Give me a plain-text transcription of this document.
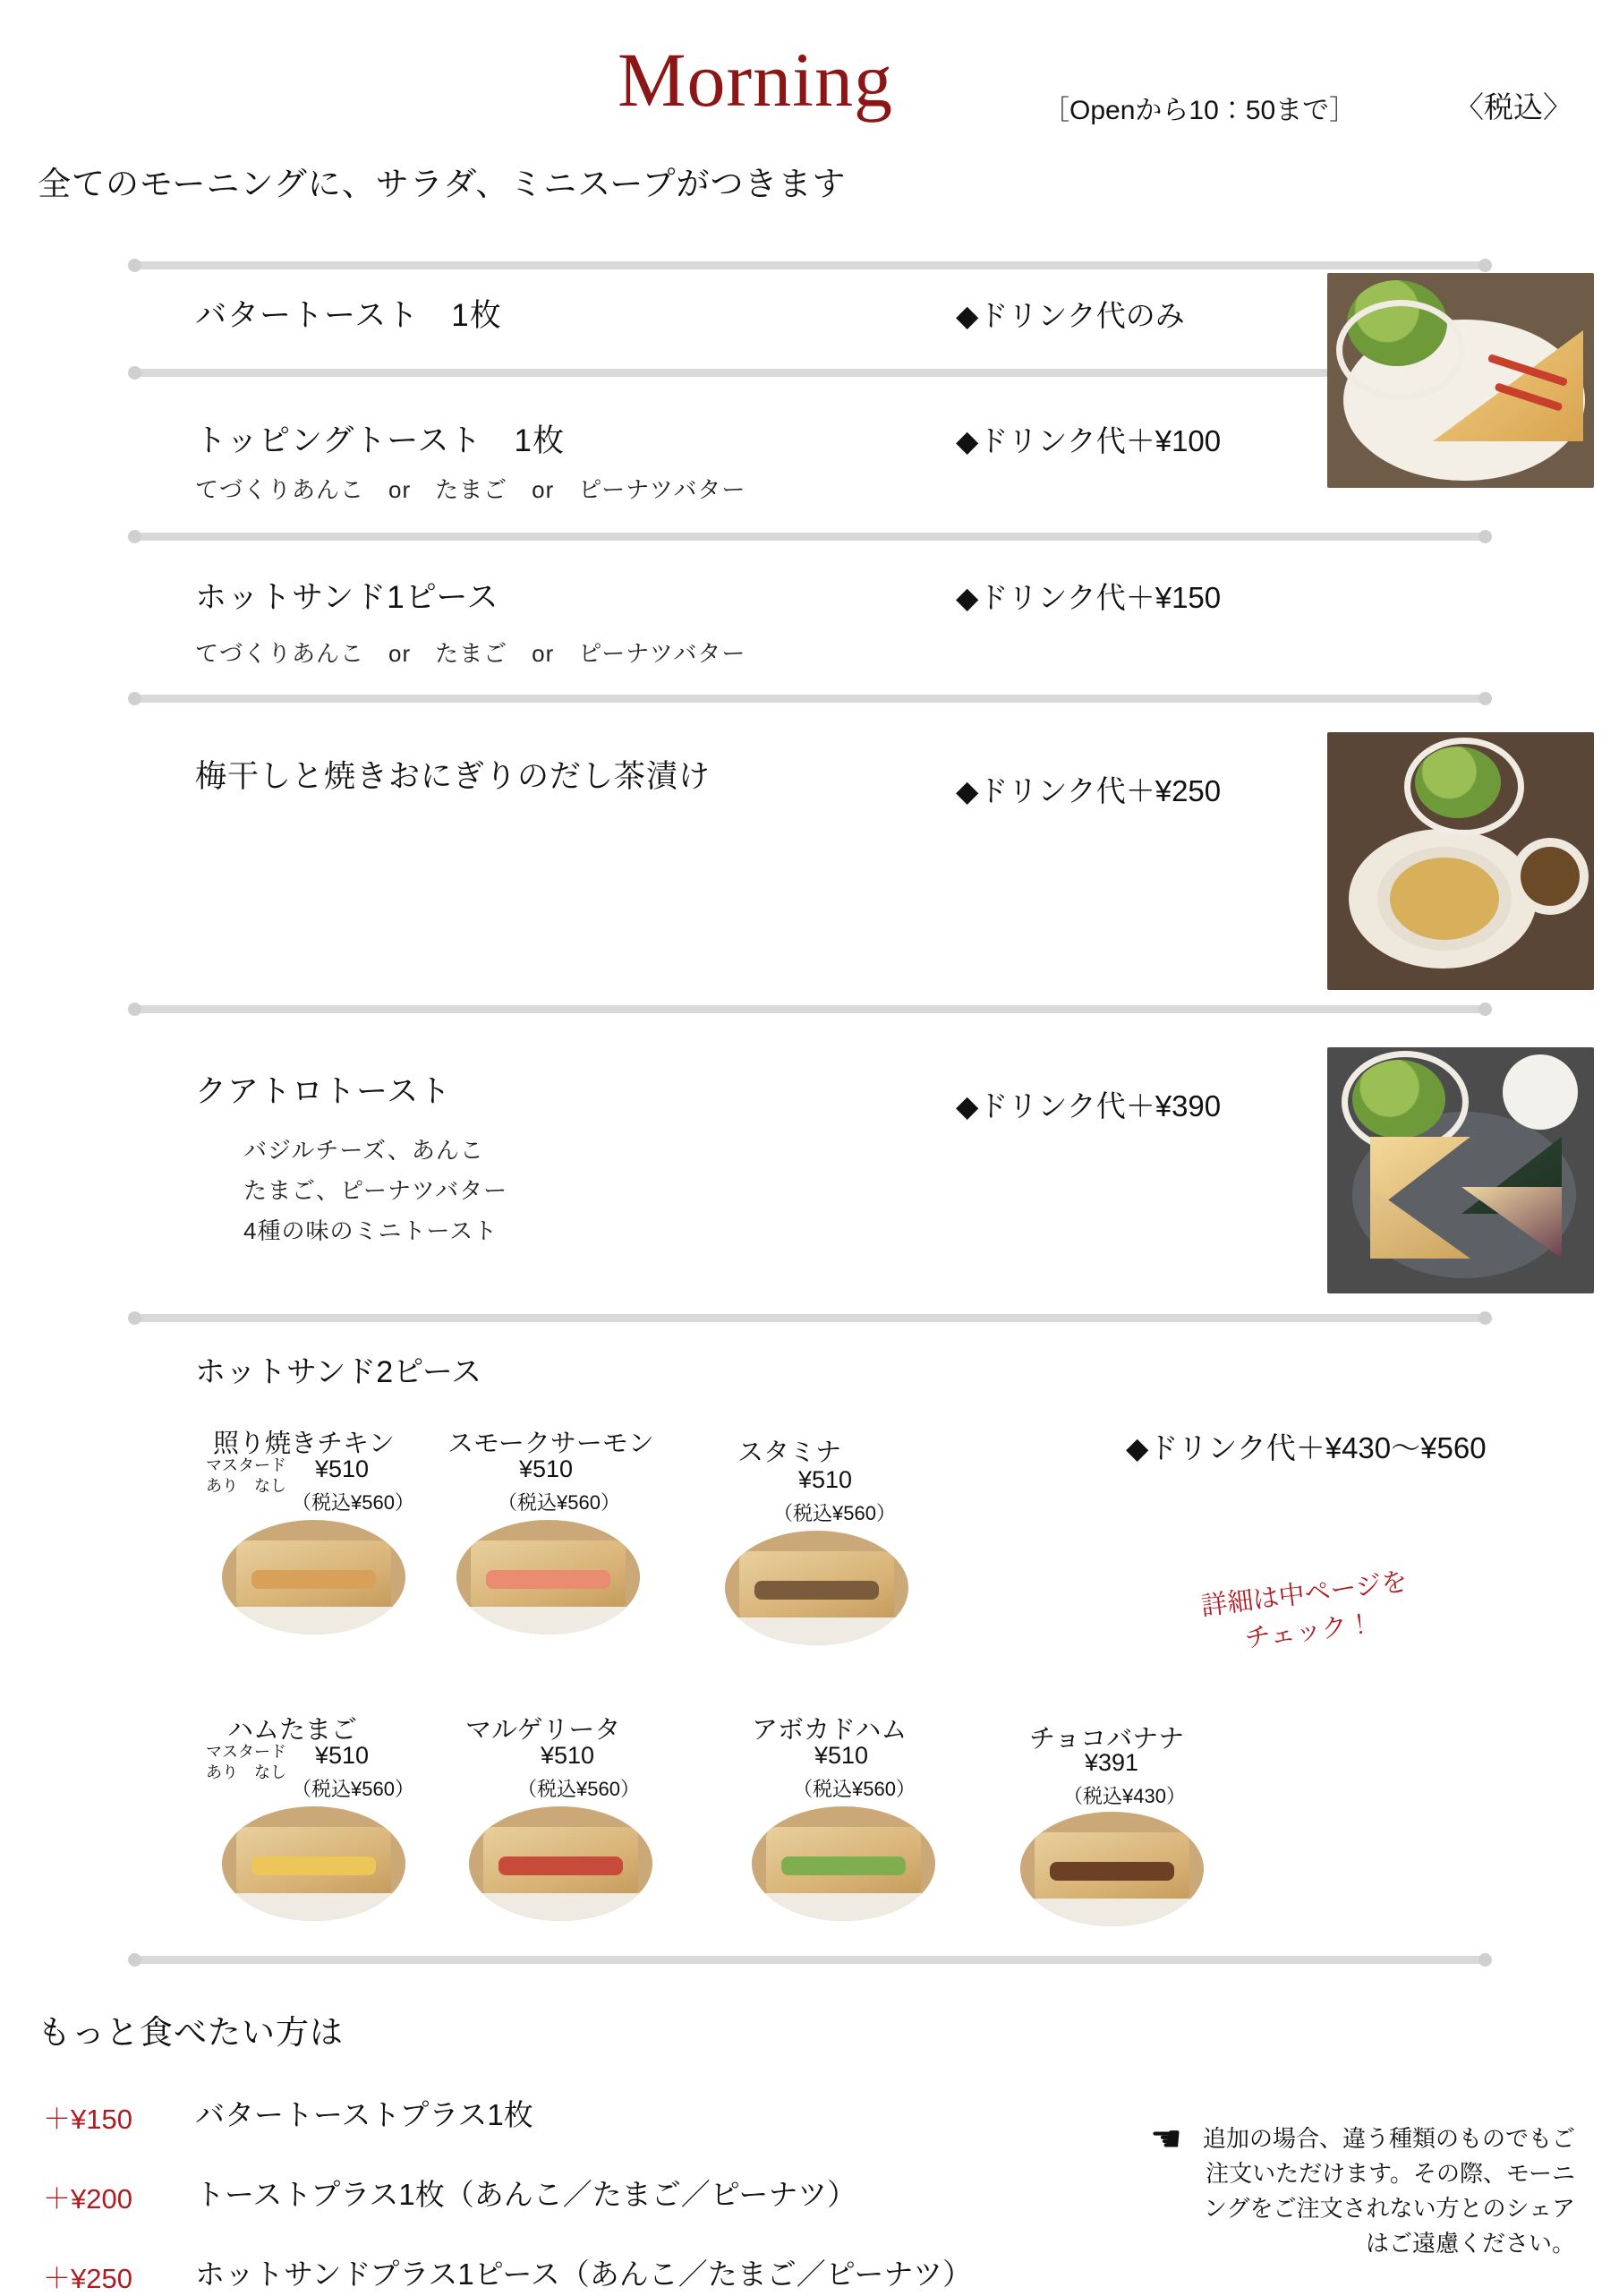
Morning	［Openから10：50まで］	〈税込〉
全てのモーニングに、サラダ、ミニスープがつきます
バタートースト　1枚	◆ドリンク代のみ
トッピングトースト　1枚
てづくりあんこ　or　たまご　or　ピーナツバター
◆ドリンク代＋¥100
ホットサンド1ピース
てづくりあんこ　or　たまご　or　ピーナツバター
◆ドリンク代＋¥150
梅干しと焼きおにぎりのだし茶漬け	◆ドリンク代＋¥250
クアトロトースト
バジルチーズ、あんこ
たまご、ピーナツバター
4種の味のミニトースト
◆ドリンク代＋¥390
ホットサンド2ピース
◆ドリンク代＋¥430〜¥560
詳細は中ページを
チェック！
照り焼きチキン
マスタード
あり　なし
¥510
（税込¥560）
スモークサーモン
¥510
（税込¥560）
スタミナ
¥510
（税込¥560）
ハムたまご
マスタード
あり　なし
¥510
（税込¥560）
マルゲリータ
¥510
（税込¥560）
アボカドハム
¥510
（税込¥560）
チョコバナナ
¥391
（税込¥430）
もっと食べたい方は
＋¥150 バタートーストプラス1枚
＋¥200 トーストプラス1枚（あんこ／たまご／ピーナツ）
＋¥250 ホットサンドプラス1ピース（あんこ／たまご／ピーナツ）
☚ 追加の場合、違う種類のものでもご注文いただけます。その際、モーニングをご注文されない方とのシェアはご遠慮ください。
